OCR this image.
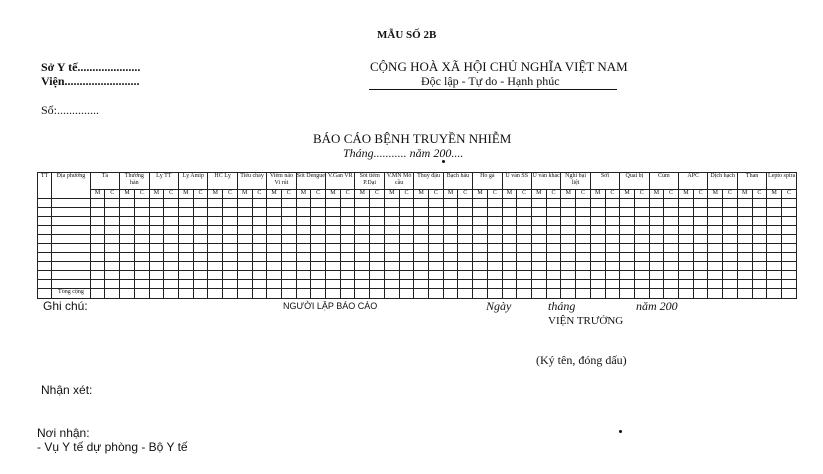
MẪU SỐ 2B
Sở Y tế.....................
Viện.........................
Số:..............
CỘNG HOÀ XÃ HỘI CHỦ NGHĨA VIỆT NAM
Độc lập - Tự do - Hạnh phúc
BÁO CÁO BỆNH TRUYỀN NHIỄM
Tháng........... năm 200....
TT	Địa phương	Tả		Thương hàn		Lỵ TT		Lỵ Amip		HC Lỵ		Tiêu chảy		Viêm não Vi rút		Sốt Dengue		V.Gan VR		Sốt tiêm P.Dại		V.MN Mô cầu		Thuỷ đậu		Bạch hầu		Ho gà		U ván SS		U ván khác		Nghi bại liệt		Sởi		Quai bị		Cúm		APC		Dịch hạch		Than		Lepto spira	
		M	C	M	C	M	C	M	C	M	C	M	C	M	C	M	C	M	C	M	C	M	C	M	C	M	C	M	C	M	C	M	C	M	C	M	C	M	C	M	C	M	C	M	C	M	C	M	C

	Tổng cộng																																																
Ghi chú:	NGƯỜI LẬP BÁO CÁO	Ngày	tháng	năm 200
VIỆN TRƯỞNG
(Ký tên, đóng dấu)
Nhận xét:
Nơi nhận:
- Vụ Y tế dự phòng - Bộ Y tế
